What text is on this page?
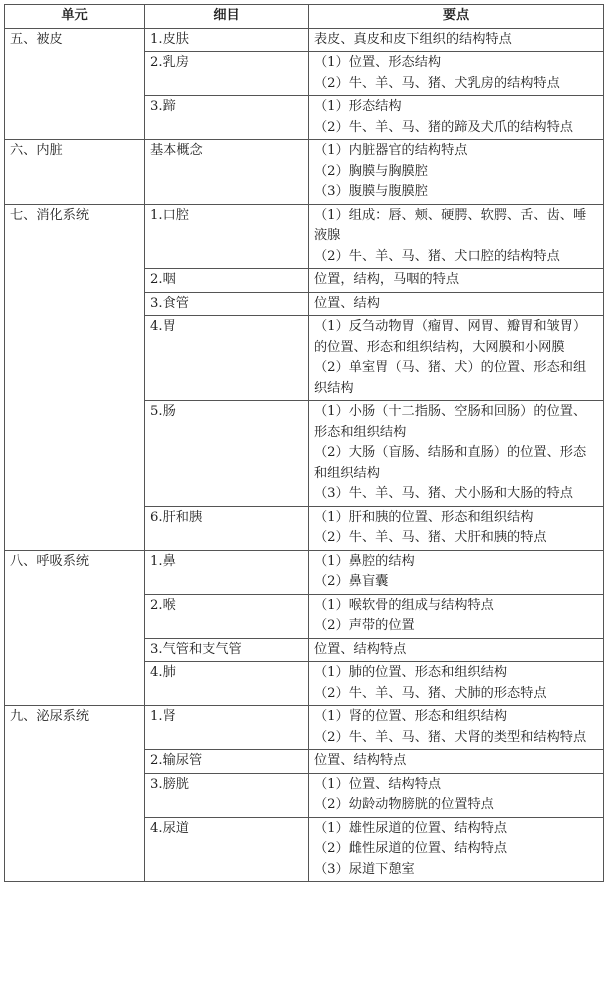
单元	细目	要点
五、被皮	1.皮肤	表皮、真皮和皮下组织的结构特点

	2.乳房	（1）位置、形态结构
（2）牛、羊、马、猪、犬乳房的结构特点

	3.蹄	（1）形态结构
（2）牛、羊、马、猪的蹄及犬爪的结构特点

六、内脏	基本概念	（1）内脏器官的结构特点
（2）胸膜与胸膜腔
（3）腹膜与腹膜腔

七、消化系统	1.口腔	（1）组成：唇、颊、硬腭、软腭、舌、齿、唾液腺
（2）牛、羊、马、猪、犬口腔的结构特点

	2.咽	位置，结构，马咽的特点

	3.食管	位置、结构

	4.胃	（1）反刍动物胃（瘤胃、网胃、瓣胃和皱胃）的位置、形态和组织结构，大网膜和小网膜
（2）单室胃（马、猪、犬）的位置、形态和组织结构

	5.肠	（1）小肠（十二指肠、空肠和回肠）的位置、形态和组织结构
（2）大肠（盲肠、结肠和直肠）的位置、形态和组织结构
（3）牛、羊、马、猪、犬小肠和大肠的特点

	6.肝和胰	（1）肝和胰的位置、形态和组织结构
（2）牛、羊、马、猪、犬肝和胰的特点

八、呼吸系统	1.鼻	（1）鼻腔的结构
（2）鼻盲囊

	2.喉	（1）喉软骨的组成与结构特点
（2）声带的位置

	3.气管和支气管	位置、结构特点

	4.肺	（1）肺的位置、形态和组织结构
（2）牛、羊、马、猪、犬肺的形态特点

九、泌尿系统	1.肾	（1）肾的位置、形态和组织结构
（2）牛、羊、马、猪、犬肾的类型和结构特点

	2.输尿管	位置、结构特点

	3.膀胱	（1）位置、结构特点
（2）幼龄动物膀胱的位置特点

	4.尿道	（1）雄性尿道的位置、结构特点
（2）雌性尿道的位置、结构特点
（3）尿道下憩室
